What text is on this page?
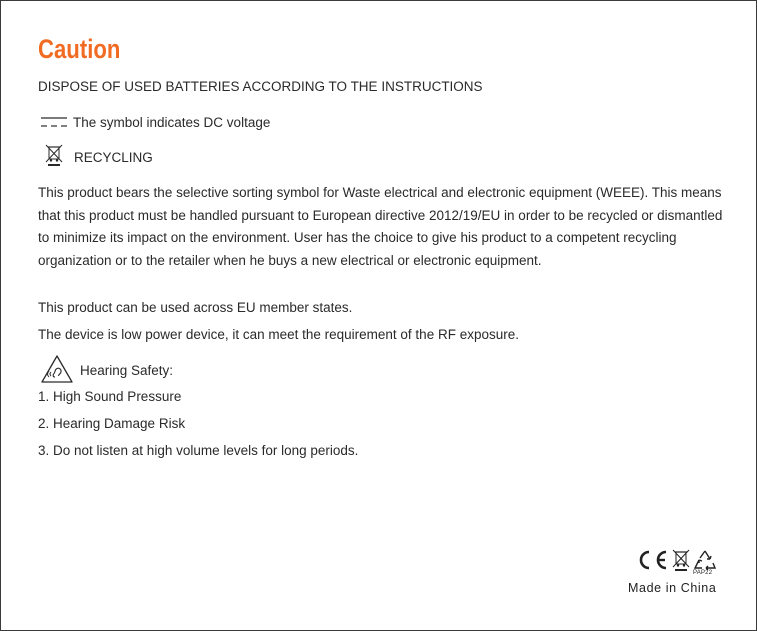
Caution
DISPOSE OF USED BATTERIES ACCORDING TO THE INSTRUCTIONS
The symbol indicates DC voltage
RECYCLING
This product bears the selective sorting symbol for Waste electrical and electronic equipment (WEEE). This means that this product must be handled pursuant to European directive 2012/19/EU in order to be recycled or dismantled to minimize its impact on the environment. User has the choice to give his product to a competent recycling organization or to the retailer when he buys a new electrical or electronic equipment.
This product can be used across EU member states.
The device is low power device, it can meet the requirement of the RF exposure.
Hearing Safety:
1. High Sound Pressure
2. Hearing Damage Risk
3. Do not listen at high volume levels for long periods.
PAP22
Made in China
